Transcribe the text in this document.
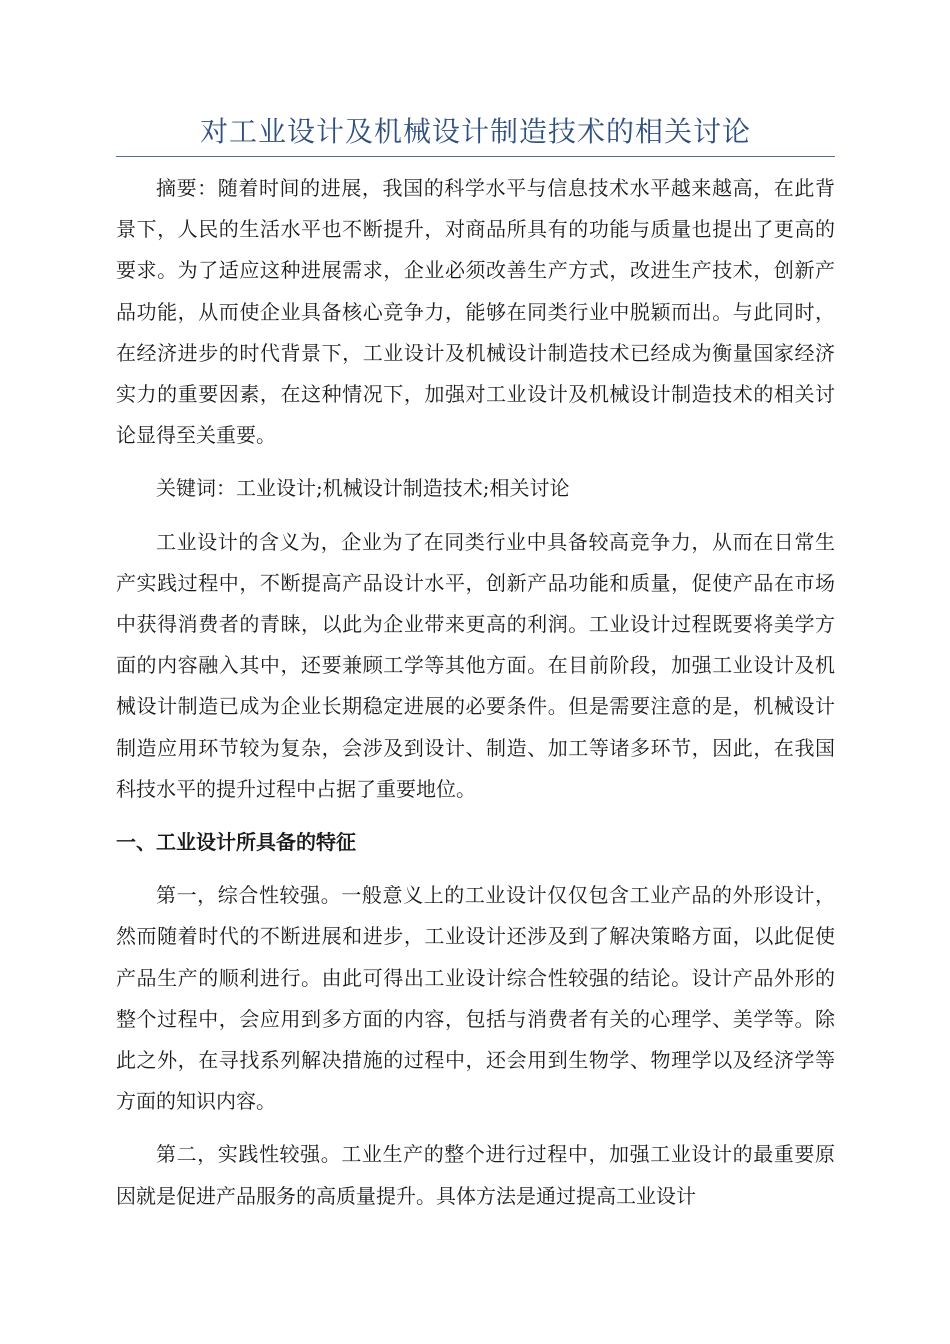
对工业设计及机械设计制造技术的相关讨论

摘要：随着时间的进展，我国的科学水平与信息技术水平越来越高，在此背景下，人民的生活水平也不断提升，对商品所具有的功能与质量也提出了更高的要求。为了适应这种进展需求，企业必须改善生产方式，改进生产技术，创新产品功能，从而使企业具备核心竞争力，能够在同类行业中脱颖而出。与此同时，在经济进步的时代背景下，工业设计及机械设计制造技术已经成为衡量国家经济实力的重要因素，在这种情况下，加强对工业设计及机械设计制造技术的相关讨论显得至关重要。

关键词：工业设计;机械设计制造技术;相关讨论

工业设计的含义为，企业为了在同类行业中具备较高竞争力，从而在日常生产实践过程中，不断提高产品设计水平，创新产品功能和质量，促使产品在市场中获得消费者的青睐，以此为企业带来更高的利润。工业设计过程既要将美学方面的内容融入其中，还要兼顾工学等其他方面。在目前阶段，加强工业设计及机械设计制造已成为企业长期稳定进展的必要条件。但是需要注意的是，机械设计制造应用环节较为复杂，会涉及到设计、制造、加工等诸多环节，因此，在我国科技水平的提升过程中占据了重要地位。

一、工业设计所具备的特征

第一，综合性较强。一般意义上的工业设计仅仅包含工业产品的外形设计，然而随着时代的不断进展和进步，工业设计还涉及到了解决策略方面，以此促使产品生产的顺利进行。由此可得出工业设计综合性较强的结论。设计产品外形的整个过程中，会应用到多方面的内容，包括与消费者有关的心理学、美学等。除此之外，在寻找系列解决措施的过程中，还会用到生物学、物理学以及经济学等方面的知识内容。

第二，实践性较强。工业生产的整个进行过程中，加强工业设计的最重要原因就是促进产品服务的高质量提升。具体方法是通过提高工业设计
